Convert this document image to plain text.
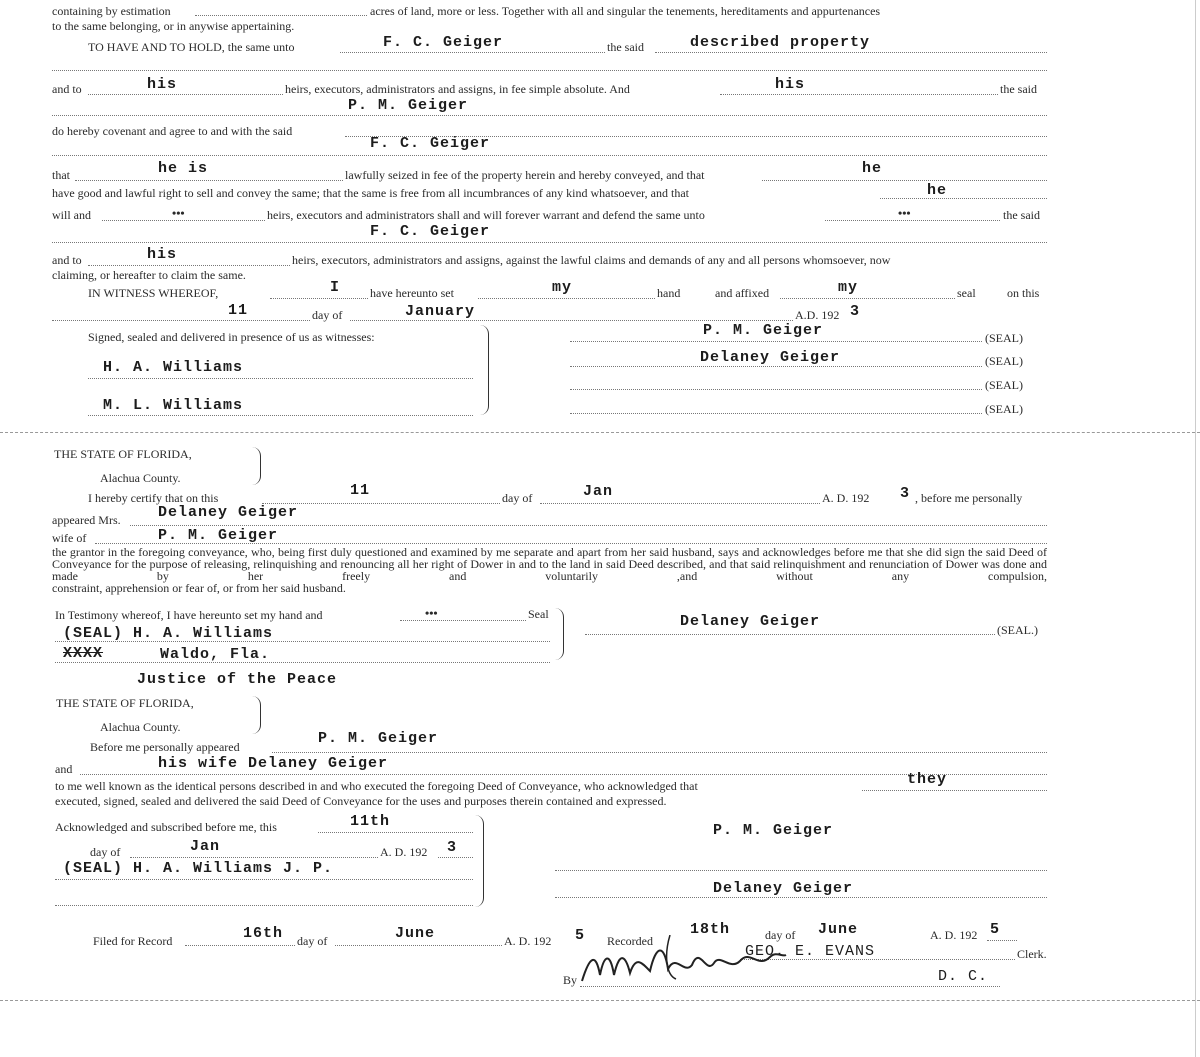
containing by estimation	acres of land, more or less. Together with all and singular the tenements, hereditaments and appurtenances
to the same belonging, or in anywise appertaining.
TO HAVE AND TO HOLD, the same unto	F. C. Geiger	the said	described property
and to	his	heirs, executors, administrators and assigns, in fee simple absolute. And	his	the said
P. M. Geiger
do hereby covenant and agree to and with the said
F. C. Geiger
that	he is	lawfully seized in fee of the property herein and hereby conveyed, and that	he
have good and lawful right to sell and convey the same; that the same is free from all incumbrances of any kind whatsoever, and that	he
will and	•••	heirs, executors and administrators shall and will forever warrant and defend the same unto	•••	the said
F. C. Geiger
and to	his	heirs, executors, administrators and assigns, against the lawful claims and demands of any and all persons whomsoever, now
claiming, or hereafter to claim the same.
IN WITNESS WHEREOF,	I have hereunto set	my	hand	and affixed	my	seal	on this
11	day of	January	A.D. 192 3
Signed, sealed and delivered in presence of us as witnesses:
H. A. Williams
M. L. Williams
P. M. Geiger	(SEAL)
Delaney Geiger	(SEAL)
(SEAL)
(SEAL)
THE STATE OF FLORIDA,
Alachua County.
I hereby certify that on this	11	day of	Jan	A. D. 192 3 , before me personally
appeared Mrs. Delaney Geiger
wife of	P. M. Geiger
the grantor in the foregoing conveyance, who, being first duly questioned and examined by me separate and apart from her said husband, says and acknowledges before me that she did sign the said Deed of Conveyance for the purpose of releasing, relinquishing and renouncing all her right of Dower in and to the land in said Deed described, and that said relinquishment and renunciation of Dower was done and made by her freely and voluntarily ,and without any compulsion,
constraint, apprehension or fear of, or from her said husband.
In Testimony whereof, I have hereunto set my hand and	•••	Seal
(SEAL) H. A. Williams
XXXX	Waldo, Fla.
Justice of the Peace
Delaney Geiger	(SEAL.)
THE STATE OF FLORIDA,
Alachua County.
Before me personally appeared	P. M. Geiger
and	his wife Delaney Geiger
to me well known as the identical persons described in and who executed the foregoing Deed of Conveyance, who acknowledged that	they
executed, signed, sealed and delivered the said Deed of Conveyance for the uses and purposes therein contained and expressed.
Acknowledged and subscribed before me, this	11th
day of	Jan	A. D. 192 3
(SEAL) H. A. Williams J. P.
P. M. Geiger
Delaney Geiger
Filed for Record	16th day of	June	A. D. 192 5 Recorded
18th	day of June	A. D. 192 5
GEO. E. EVANS	Clerk.
By	D. C.
